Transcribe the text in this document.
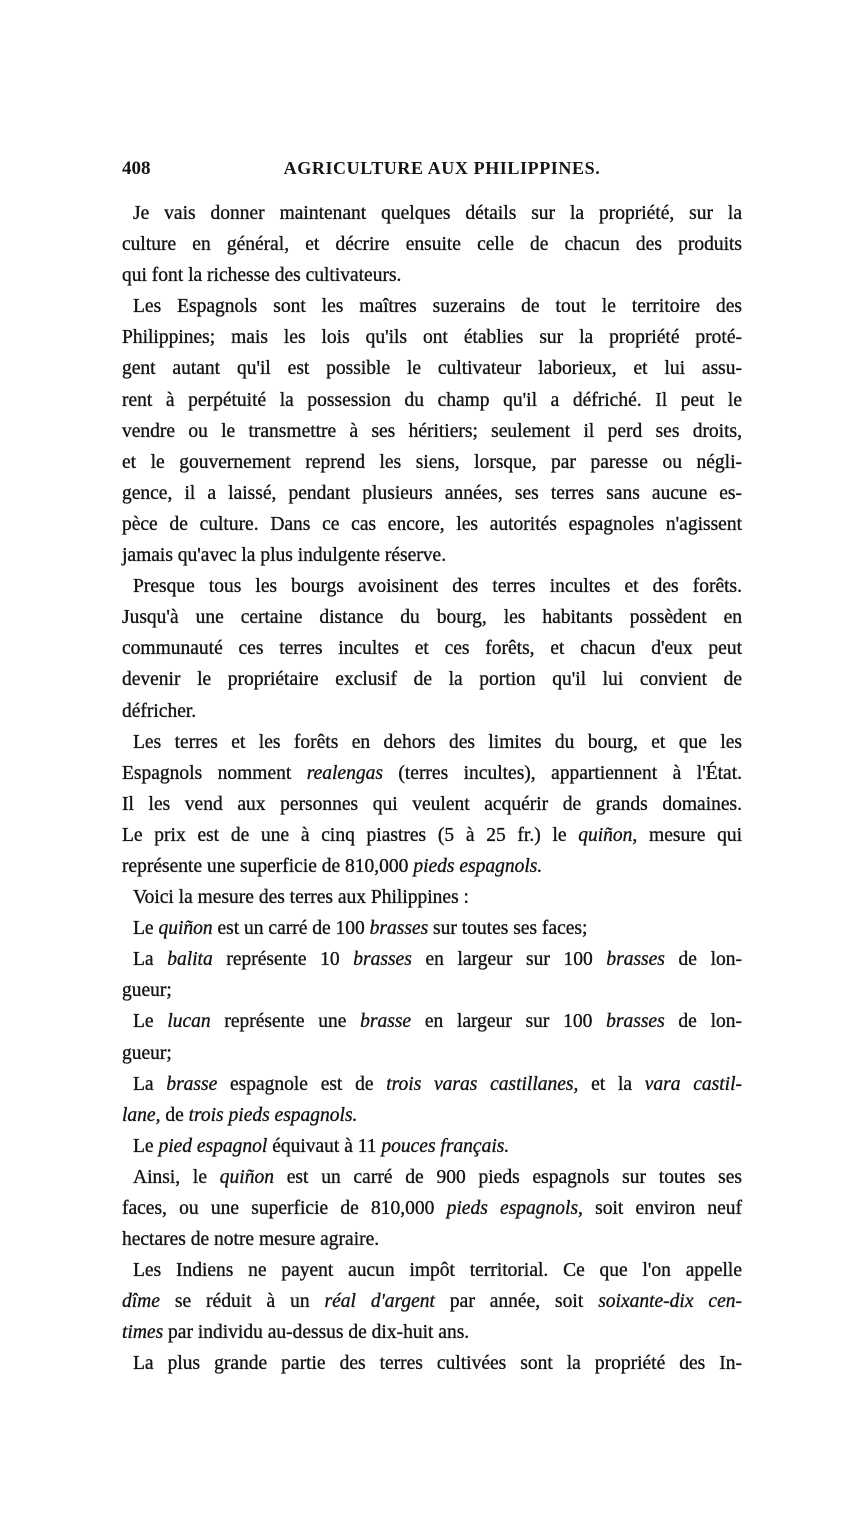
408	AGRICULTURE AUX PHILIPPINES.
Je vais donner maintenant quelques détails sur la propriété, sur la
culture en général, et décrire ensuite celle de chacun des produits
qui font la richesse des cultivateurs.
Les Espagnols sont les maîtres suzerains de tout le territoire des
Philippines; mais les lois qu'ils ont établies sur la propriété proté-
gent autant qu'il est possible le cultivateur laborieux, et lui assu-
rent à perpétuité la possession du champ qu'il a défriché. Il peut le
vendre ou le transmettre à ses héritiers; seulement il perd ses droits,
et le gouvernement reprend les siens, lorsque, par paresse ou négli-
gence, il a laissé, pendant plusieurs années, ses terres sans aucune es-
pèce de culture. Dans ce cas encore, les autorités espagnoles n'agissent
jamais qu'avec la plus indulgente réserve.
Presque tous les bourgs avoisinent des terres incultes et des forêts.
Jusqu'à une certaine distance du bourg, les habitants possèdent en
communauté ces terres incultes et ces forêts, et chacun d'eux peut
devenir le propriétaire exclusif de la portion qu'il lui convient de
défricher.
Les terres et les forêts en dehors des limites du bourg, et que les
Espagnols nomment realengas (terres incultes), appartiennent à l'État.
Il les vend aux personnes qui veulent acquérir de grands domaines.
Le prix est de une à cinq piastres (5 à 25 fr.) le quiñon, mesure qui
représente une superficie de 810,000 pieds espagnols.
Voici la mesure des terres aux Philippines :
Le quiñon est un carré de 100 brasses sur toutes ses faces;
La balita représente 10 brasses en largeur sur 100 brasses de lon-
gueur;
Le lucan représente une brasse en largeur sur 100 brasses de lon-
gueur;
La brasse espagnole est de trois varas castillanes, et la vara castil-
lane, de trois pieds espagnols.
Le pied espagnol équivaut à 11 pouces français.
Ainsi, le quiñon est un carré de 900 pieds espagnols sur toutes ses
faces, ou une superficie de 810,000 pieds espagnols, soit environ neuf
hectares de notre mesure agraire.
Les Indiens ne payent aucun impôt territorial. Ce que l'on appelle
dîme se réduit à un réal d'argent par année, soit soixante-dix cen-
times par individu au-dessus de dix-huit ans.
La plus grande partie des terres cultivées sont la propriété des In-
